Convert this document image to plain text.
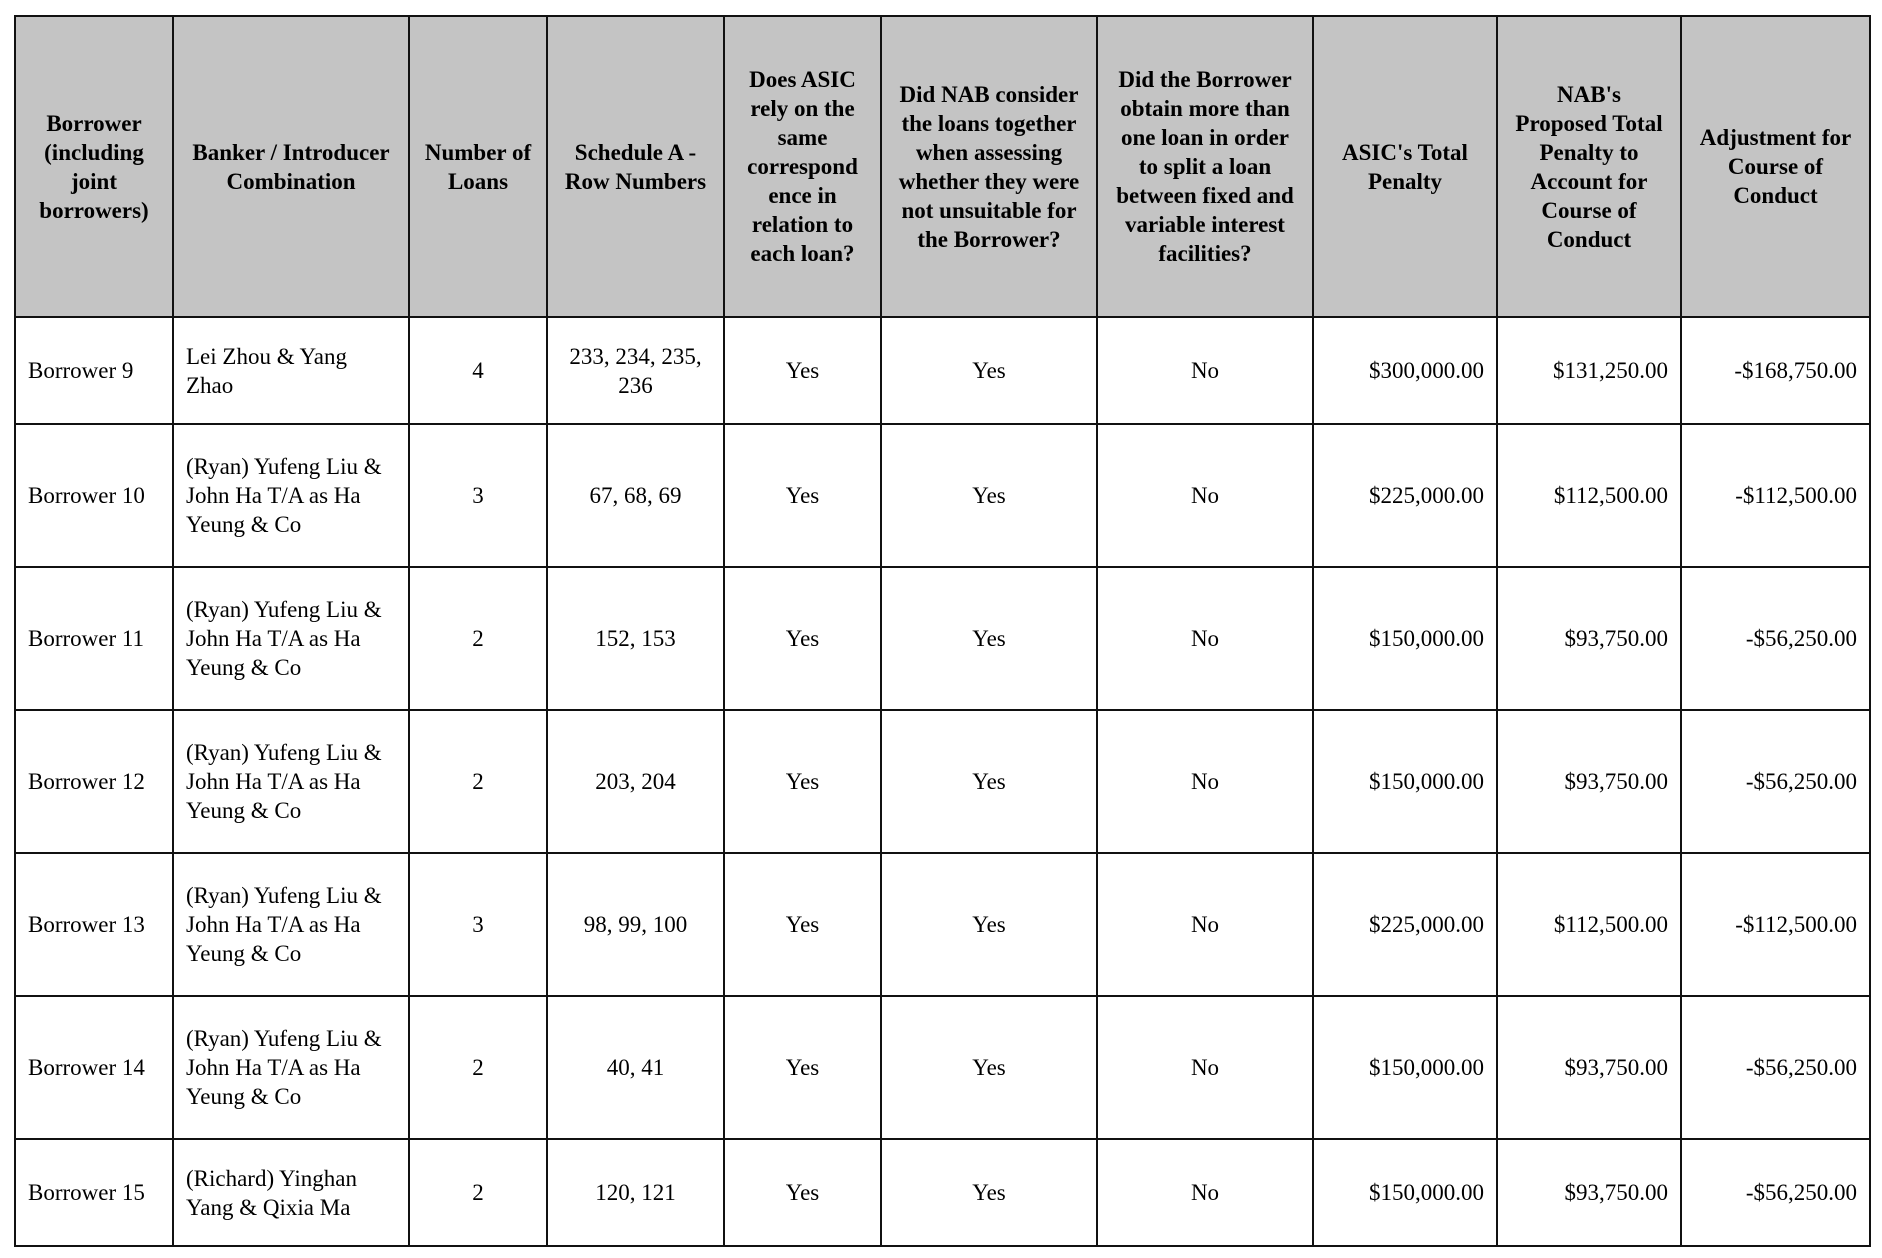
Borrower (including joint borrowers)	Banker / Introducer Combination	Number of Loans	Schedule A - Row Numbers	Does ASIC rely on the same correspond ence in relation to each loan?	Did NAB consider the loans together when assessing whether they were not unsuitable for the Borrower?	Did the Borrower obtain more than one loan in order to split a loan between fixed and variable interest facilities?	ASIC's Total Penalty	NAB's Proposed Total Penalty to Account for Course of Conduct	Adjustment for Course of Conduct
Borrower 9	Lei Zhou & Yang Zhao	4	233, 234, 235, 236	Yes	Yes	No	$300,000.00	$131,250.00	-$168,750.00
Borrower 10	(Ryan) Yufeng Liu & John Ha T/A as Ha Yeung & Co	3	67, 68, 69	Yes	Yes	No	$225,000.00	$112,500.00	-$112,500.00
Borrower 11	(Ryan) Yufeng Liu & John Ha T/A as Ha Yeung & Co	2	152, 153	Yes	Yes	No	$150,000.00	$93,750.00	-$56,250.00
Borrower 12	(Ryan) Yufeng Liu & John Ha T/A as Ha Yeung & Co	2	203, 204	Yes	Yes	No	$150,000.00	$93,750.00	-$56,250.00
Borrower 13	(Ryan) Yufeng Liu & John Ha T/A as Ha Yeung & Co	3	98, 99, 100	Yes	Yes	No	$225,000.00	$112,500.00	-$112,500.00
Borrower 14	(Ryan) Yufeng Liu & John Ha T/A as Ha Yeung & Co	2	40, 41	Yes	Yes	No	$150,000.00	$93,750.00	-$56,250.00
Borrower 15	(Richard) Yinghan Yang & Qixia Ma	2	120, 121	Yes	Yes	No	$150,000.00	$93,750.00	-$56,250.00
